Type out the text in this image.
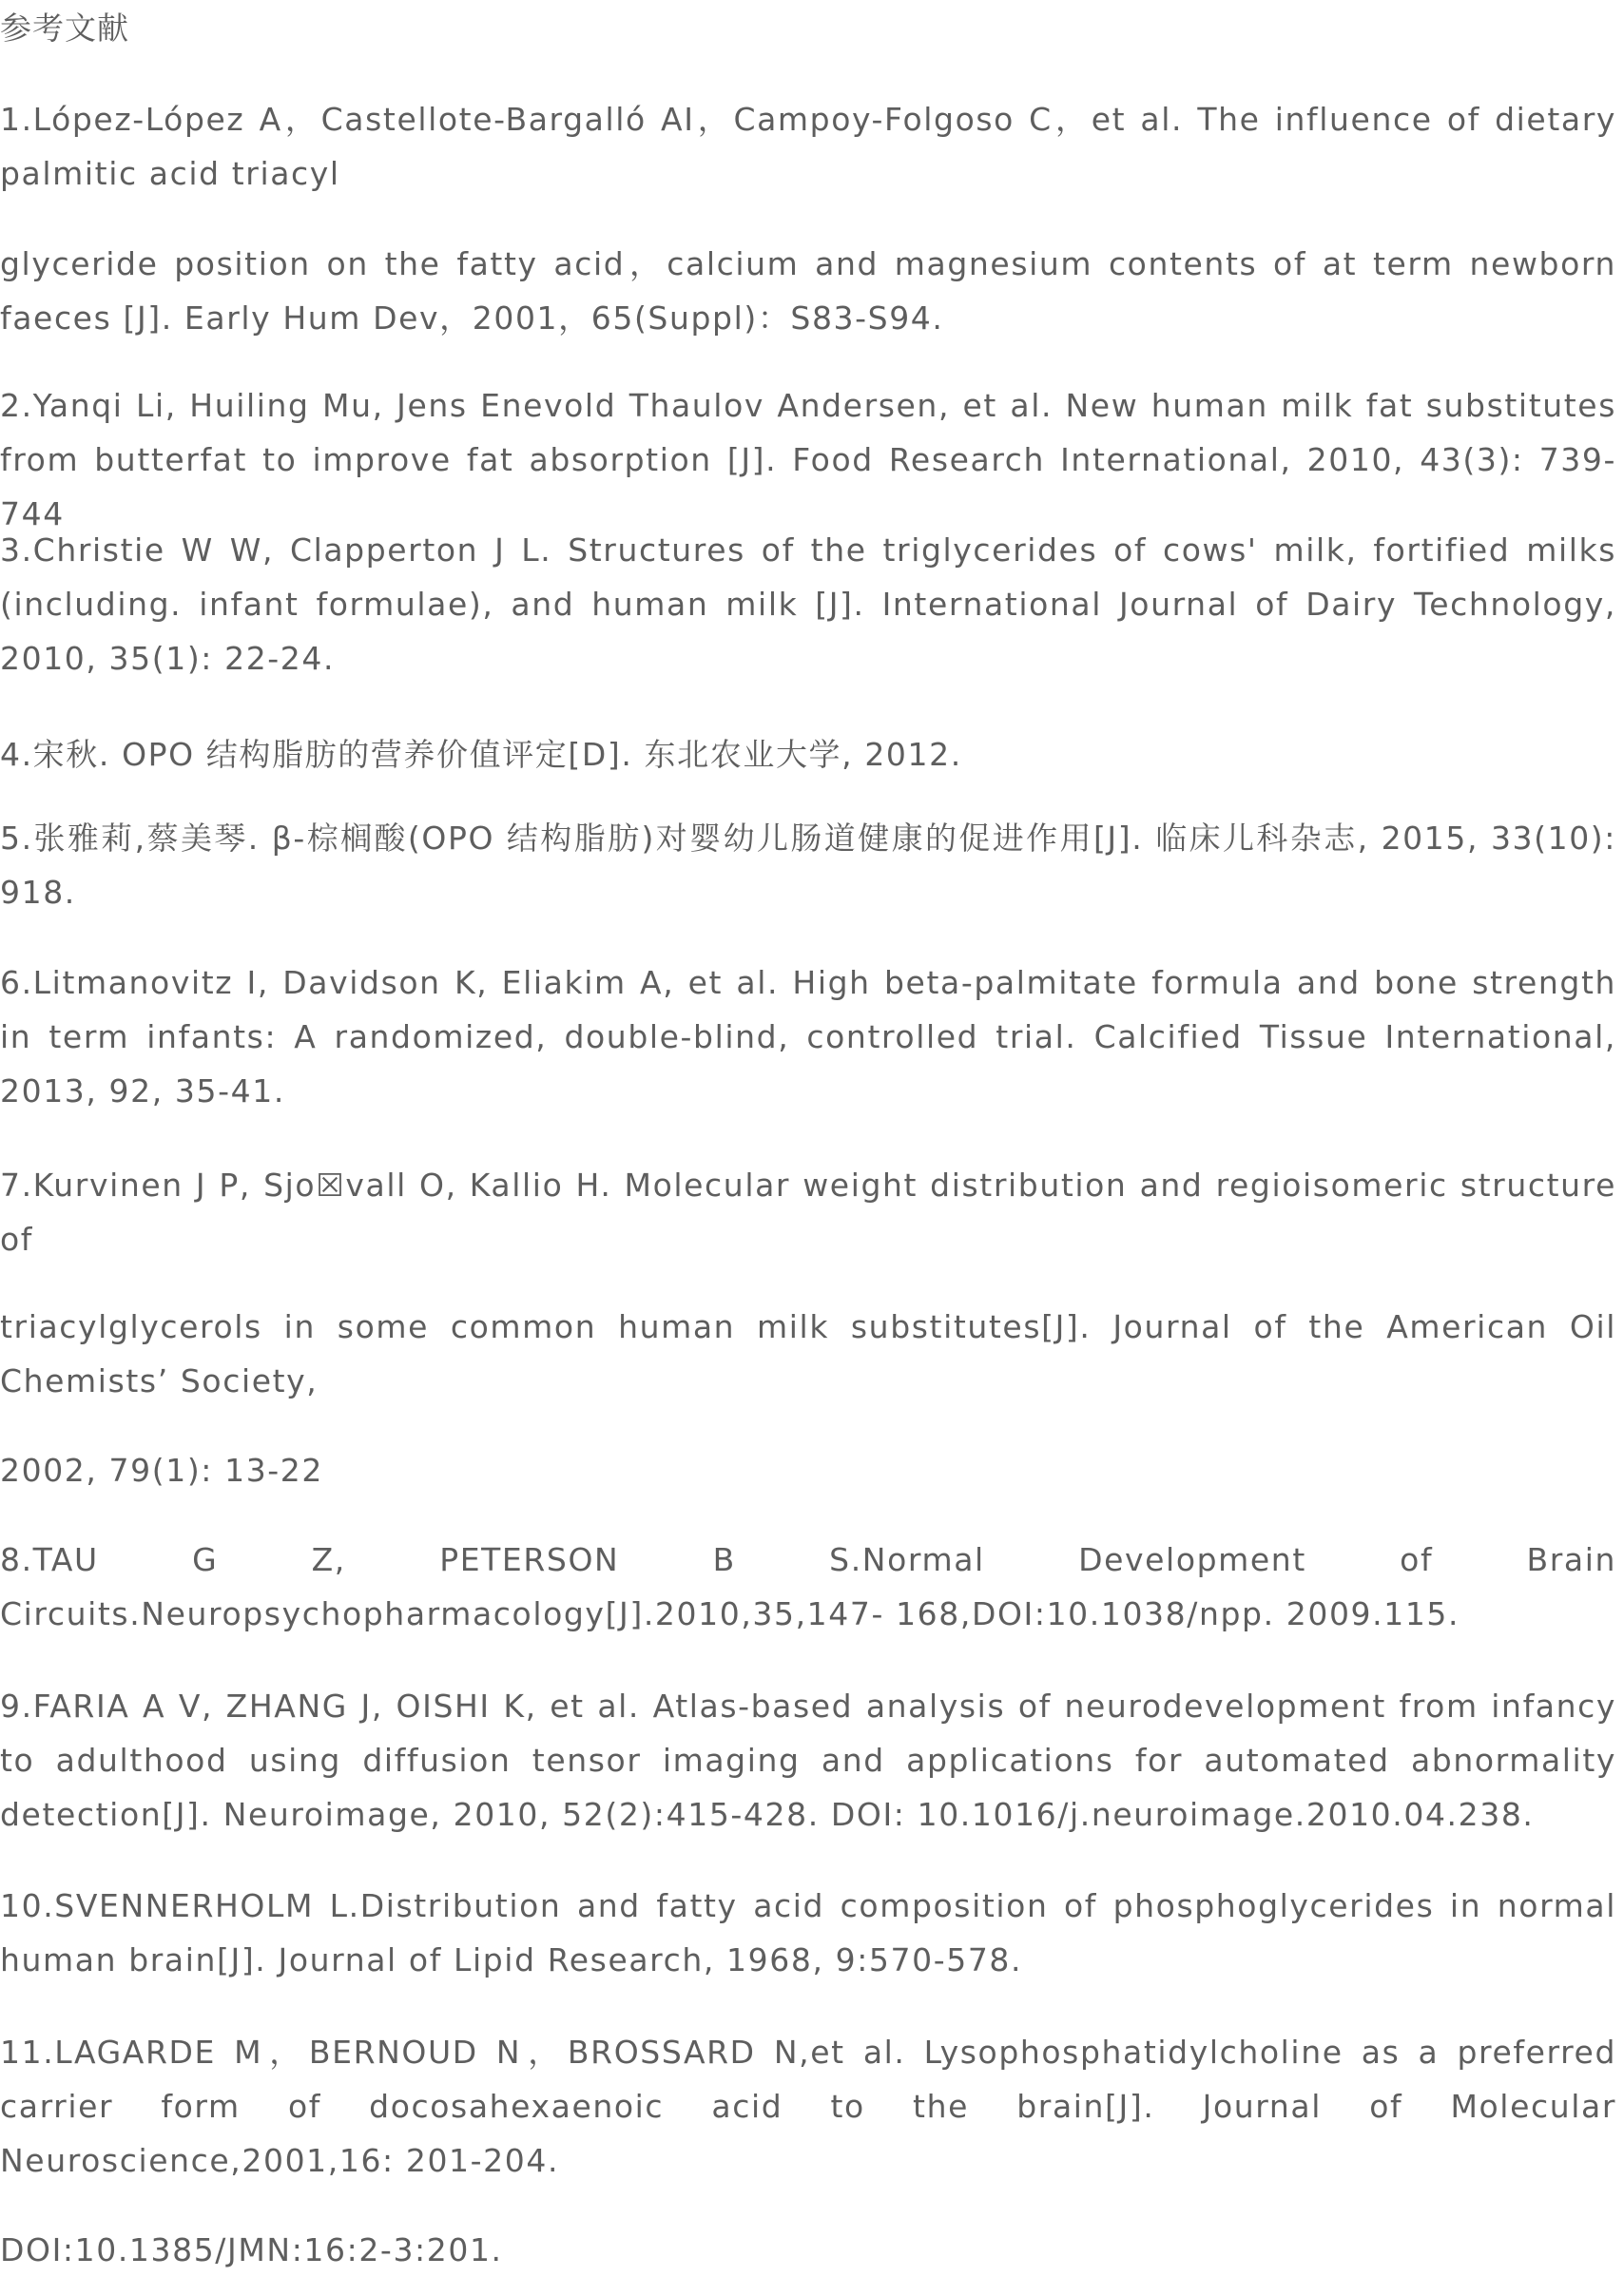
参考文献

1.López-López A，Castellote-Bargalló AI，Campoy-Folgoso C，et al. The influence of dietary palmitic acid triacyl

glyceride position on the fatty acid，calcium and magnesium contents of at term newborn faeces [J]. Early Hum Dev，2001，65(Suppl)：S83-S94.

2.Yanqi Li, Huiling Mu, Jens Enevold Thaulov Andersen, et al. New human milk fat substitutes from butterfat to improve fat absorption [J]. Food Research International, 2010, 43(3): 739-744

3.Christie W W, Clapperton J L. Structures of the triglycerides of cows' milk, fortified milks (including. infant formulae), and human milk [J]. International Journal of Dairy Technology, 2010, 35(1): 22-24.

4.宋秋. OPO 结构脂肪的营养价值评定[D]. 东北农业大学, 2012.

5.张雅莉,蔡美琴. β-棕榈酸(OPO 结构脂肪)对婴幼儿肠道健康的促进作用[J]. 临床儿科杂志, 2015, 33(10): 918.

6.Litmanovitz I, Davidson K, Eliakim A, et al. High beta-palmitate formula and bone strength in term infants: A randomized, double-blind, controlled trial. Calcified Tissue International, 2013, 92, 35-41.

7.Kurvinen J P, Sjo☒vall O, Kallio H. Molecular weight distribution and regioisomeric structure of

triacylglycerols in some common human milk substitutes[J]. Journal of the American Oil Chemists’ Society,

2002, 79(1): 13-22

8.TAU G Z, PETERSON B S.Normal Development of Brain Circuits.Neuropsychopharmacology[J].2010,35,147- 168,DOI:10.1038/npp. 2009.115.

9.FARIA A V, ZHANG J, OISHI K, et al. Atlas-based analysis of neurodevelopment from infancy to adulthood using diffusion tensor imaging and applications for automated abnormality detection[J]. Neuroimage, 2010, 52(2):415-428. DOI: 10.1016/j.neuroimage.2010.04.238.

10.SVENNERHOLM L.Distribution and fatty acid composition of phosphoglycerides in normal human brain[J]. Journal of Lipid Research, 1968, 9:570-578.

11.LAGARDE M，BERNOUD N，BROSSARD N,et al. Lysophosphatidylcholine as a preferred carrier form of docosahexaenoic acid to the brain[J]. Journal of Molecular Neuroscience,2001,16: 201-204.

DOI:10.1385/JMN:16:2-3:201.
